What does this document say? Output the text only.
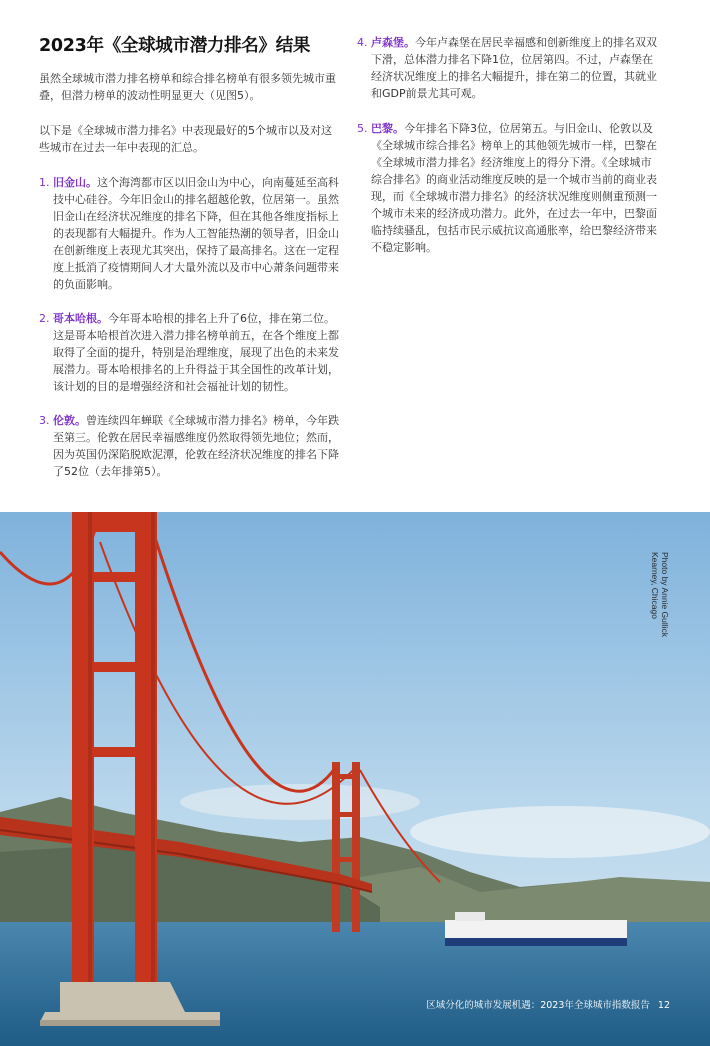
2023年《全球城市潜力排名》结果

虽然全球城市潜力排名榜单和综合排名榜单有很多领先城市重叠，但潜力榜单的波动性明显更大（见图5）。

以下是《全球城市潜力排名》中表现最好的5个城市以及对这些城市在过去一年中表现的汇总。

1. 旧金山。这个海湾都市区以旧金山为中心，向南蔓延至高科技中心硅谷。今年旧金山的排名超越伦敦，位居第一。虽然旧金山在经济状况维度的排名下降，但在其他各维度指标上的表现都有大幅提升。作为人工智能热潮的领导者，旧金山在创新维度上表现尤其突出，保持了最高排名。这在一定程度上抵消了疫情期间人才大量外流以及市中心萧条问题带来的负面影响。
2. 哥本哈根。今年哥本哈根的排名上升了6位，排在第二位。这是哥本哈根首次进入潜力排名榜单前五，在各个维度上都取得了全面的提升，特别是治理维度，展现了出色的未来发展潜力。哥本哈根排名的上升得益于其全国性的改革计划，该计划的目的是增强经济和社会福祉计划的韧性。
3. 伦敦。曾连续四年蝉联《全球城市潜力排名》榜单，今年跌至第三。伦敦在居民幸福感维度仍然取得领先地位；然而，因为英国仍深陷脱欧泥潭，伦敦在经济状况维度的排名下降了52位（去年排第5）。
4. 卢森堡。今年卢森堡在居民幸福感和创新维度上的排名双双下滑，总体潜力排名下降1位，位居第四。不过，卢森堡在经济状况维度上的排名大幅提升，排在第二的位置，其就业和GDP前景尤其可观。
5. 巴黎。今年排名下降3位，位居第五。与旧金山、伦敦以及《全球城市综合排名》榜单上的其他领先城市一样，巴黎在《全球城市潜力排名》经济维度上的得分下滑。《全球城市综合排名》的商业活动维度反映的是一个城市当前的商业表现，而《全球城市潜力排名》的经济状况维度则侧重预测一个城市未来的经济成功潜力。此外，在过去一年中，巴黎面临持续骚乱，包括市民示威抗议高通胀率，给巴黎经济带来不稳定影响。
Photo by Annie Gullick
Kearney, Chicago
区域分化的城市发展机遇：2023年全球城市指数报告 12
